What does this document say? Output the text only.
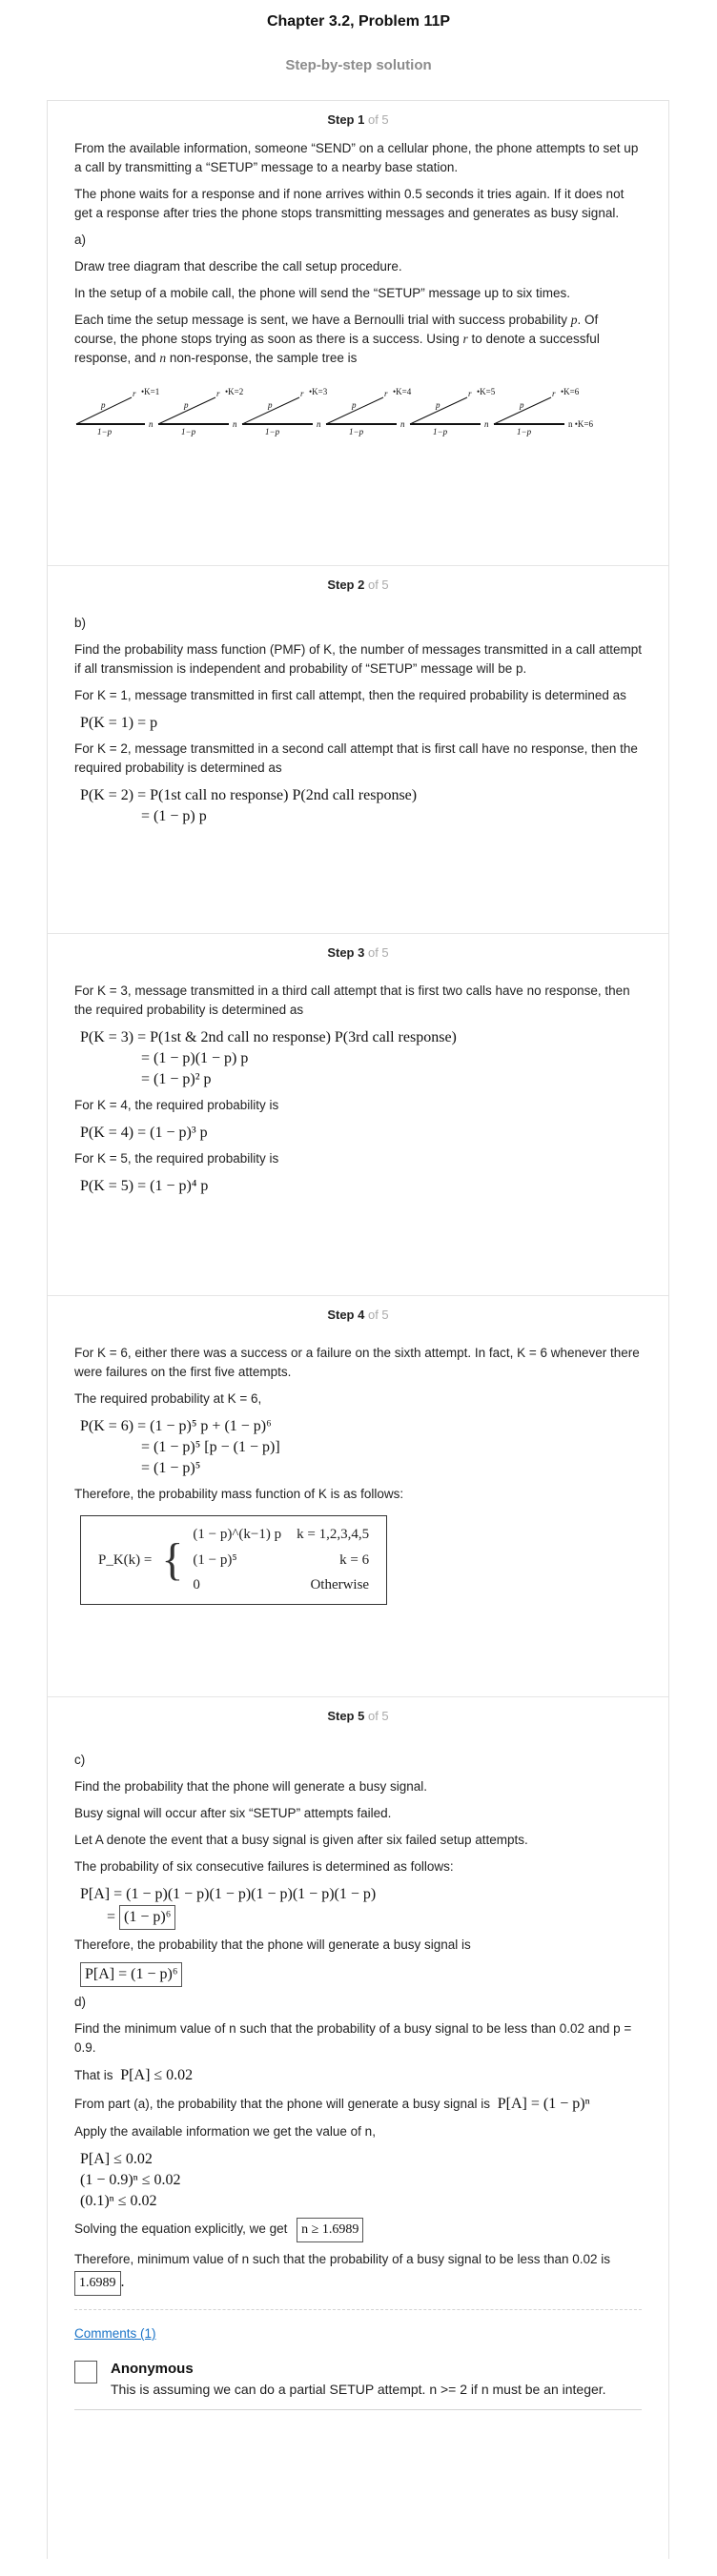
Chapter 3.2, Problem 11P
Step-by-step solution
Step 1 of 5

From the available information, someone “SEND” on a cellular phone, the phone attempts to set up a call by transmitting a “SETUP” message to a nearby base station.

The phone waits for a response and if none arrives within 0.5 seconds it tries again. If it does not get a response after tries the phone stops transmitting messages and generates as busy signal.

a)

Draw tree diagram that describe the call setup procedure.

In the setup of a mobile call, the phone will send the “SETUP” message up to six times.

Each time the setup message is sent, we have a Bernoulli trial with success probability p. Of course, the phone stops trying as soon as there is a success. Using r to denote a successful response, and n non-response, the sample tree is

p
1−p
r •K=1
n
p
1−p
r •K=2
n
p
1−p
r •K=3
n
p
1−p
r •K=4
n
p
1−p
r •K=5
n
p
1−p
r •K=6
n •K=6
Step 2 of 5

b)

Find the probability mass function (PMF) of K, the number of messages transmitted in a call attempt if all transmission is independent and probability of “SETUP” message will be p.

For K = 1, message transmitted in first call attempt, then the required probability is determined as

P(K = 1) = p

For K = 2, message transmitted in a second call attempt that is first call have no response, then the required probability is determined as

P(K = 2) = P(1st call no response) P(2nd call response)
= (1 − p) p
Step 3 of 5

For K = 3, message transmitted in a third call attempt that is first two calls have no response, then the required probability is determined as

P(K = 3) = P(1st & 2nd call no response) P(3rd call response)
= (1 − p)(1 − p) p
= (1 − p)² p

For K = 4, the required probability is

P(K = 4) = (1 − p)³ p

For K = 5, the required probability is

P(K = 5) = (1 − p)⁴ p
Step 4 of 5

For K = 6, either there was a success or a failure on the sixth attempt. In fact, K = 6 whenever there were failures on the first five attempts.

The required probability at K = 6,

P(K = 6) = (1 − p)⁵ p + (1 − p)⁶
= (1 − p)⁵ [p − (1 − p)]
= (1 − p)⁵

Therefore, the probability mass function of K is as follows:

P_K(k) =	{	(1 − p)^(k−1) p	k = 1,2,3,4,5
		(1 − p)⁵	k = 6
		0	Otherwise
Step 5 of 5

c)

Find the probability that the phone will generate a busy signal.

Busy signal will occur after six “SETUP” attempts failed.

Let A denote the event that a busy signal is given after six failed setup attempts.

The probability of six consecutive failures is determined as follows:

P[A] = (1 − p)(1 − p)(1 − p)(1 − p)(1 − p)(1 − p)
= (1 − p)⁶

Therefore, the probability that the phone will generate a busy signal is

P[A] = (1 − p)⁶

d)

Find the minimum value of n such that the probability of a busy signal to be less than 0.02 and p = 0.9.

That is P[A] ≤ 0.02

From part (a), the probability that the phone will generate a busy signal is P[A] = (1 − p)ⁿ

Apply the available information we get the value of n,

P[A] ≤ 0.02
(1 − 0.9)ⁿ ≤ 0.02
(0.1)ⁿ ≤ 0.02

Solving the equation explicitly, we get n ≥ 1.6989

Therefore, minimum value of n such that the probability of a busy signal to be less than 0.02 is

1.6989 .
Comments (1)
Anonymous
This is assuming we can do a partial SETUP attempt. n >= 2 if n must be an integer.
